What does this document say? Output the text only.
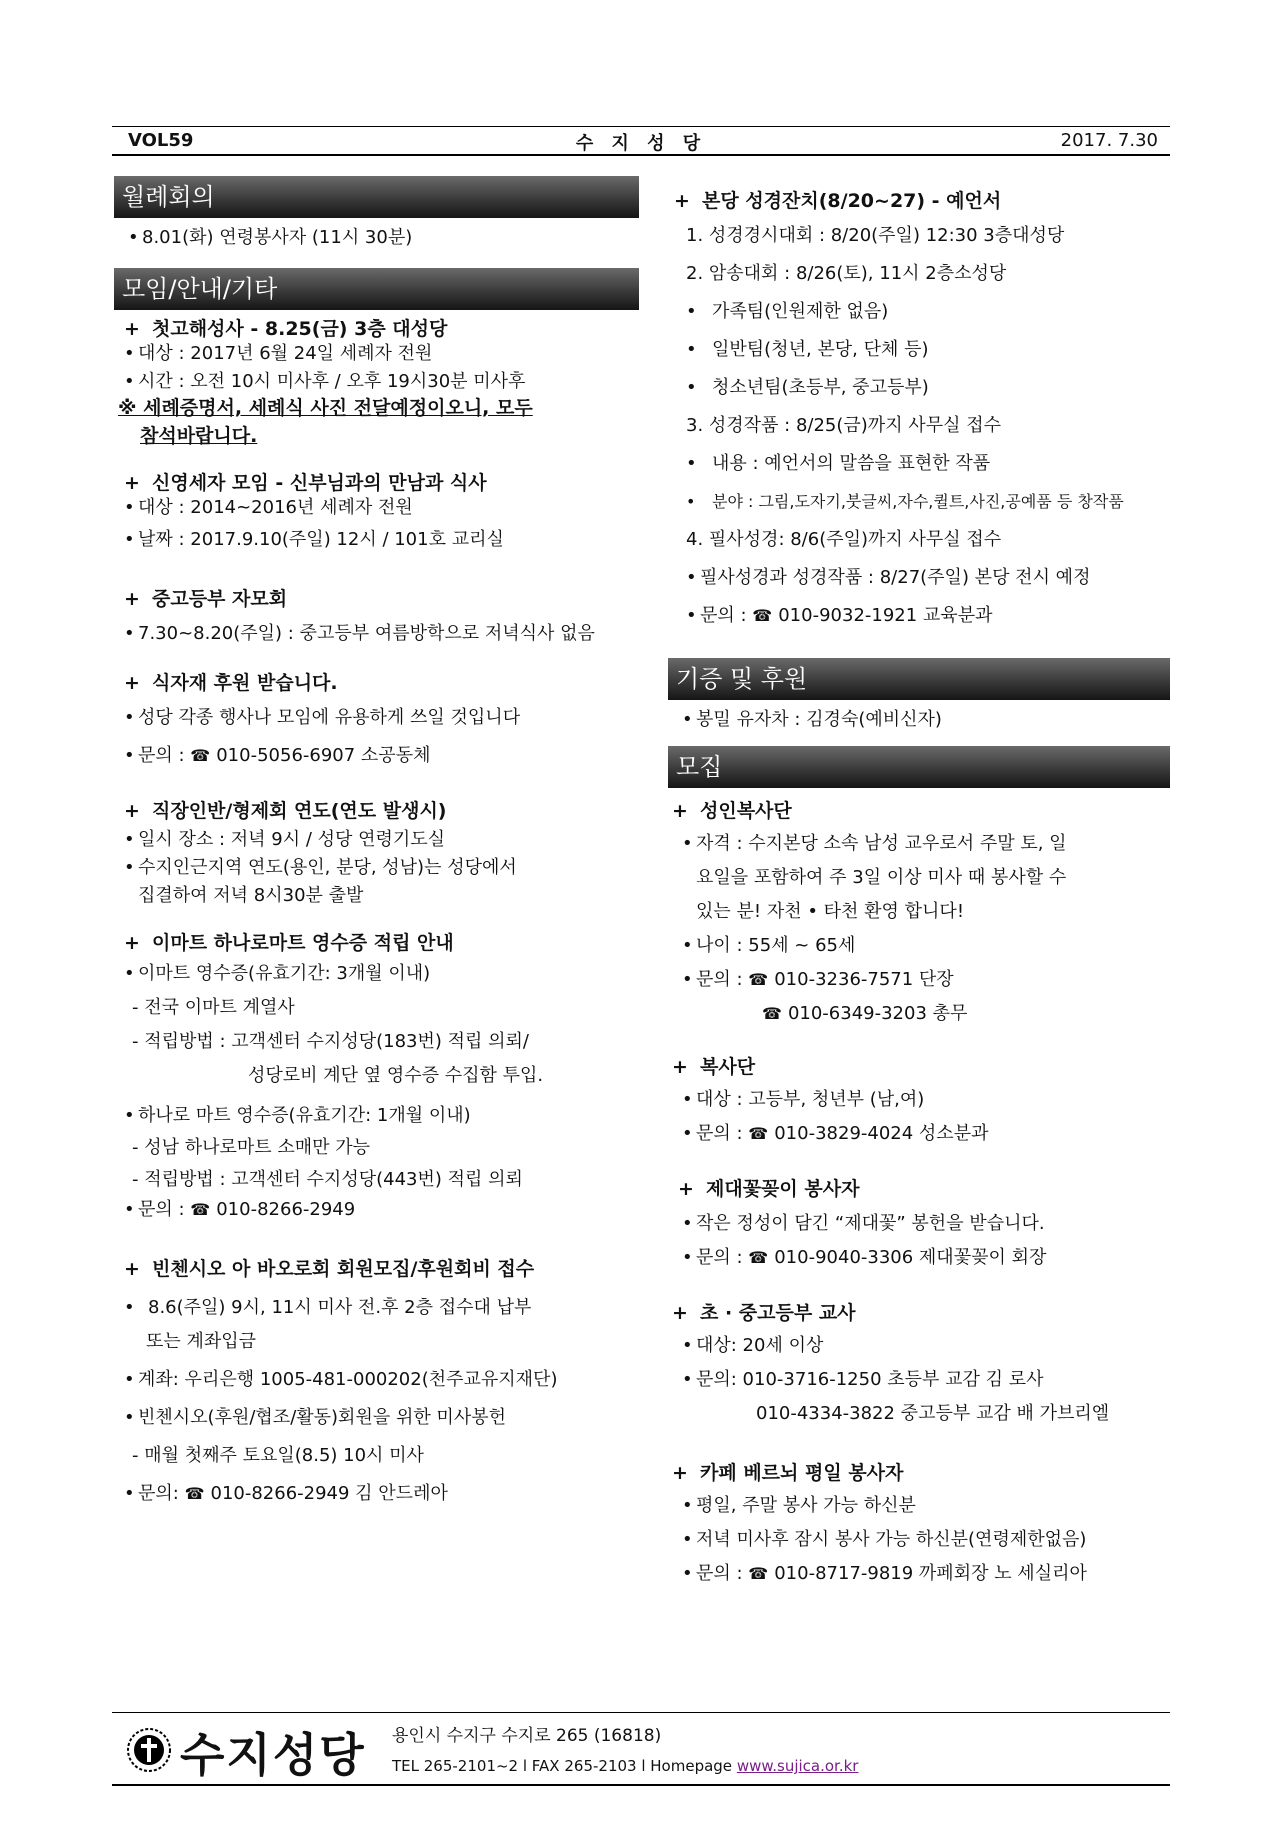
VOL59	수 지 성 당	2017. 7.30
월례회의
• 8.01(화) 연령봉사자 (11시 30분)
모임/안내/기타
+ 첫고해성사 - 8.25(금) 3층 대성당
• 대상 : 2017년 6월 24일 세례자 전원
• 시간 : 오전 10시 미사후 / 오후 19시30분 미사후
※ 세례증명서, 세례식 사진 전달예정이오니, 모두
참석바랍니다.
+ 신영세자 모임 - 신부님과의 만남과 식사
• 대상 : 2014~2016년 세례자 전원
• 날짜 : 2017.9.10(주일) 12시 / 101호 교리실
+ 중고등부 자모회
• 7.30~8.20(주일) : 중고등부 여름방학으로 저녁식사 없음
+ 식자재 후원 받습니다.
• 성당 각종 행사나 모임에 유용하게 쓰일 것입니다
• 문의 : ☎ 010-5056-6907 소공동체
+ 직장인반/형제회 연도(연도 발생시)
• 일시 장소 : 저녁 9시 / 성당 연령기도실
• 수지인근지역 연도(용인, 분당, 성남)는 성당에서
집결하여 저녁 8시30분 출발
+ 이마트 하나로마트 영수증 적립 안내
• 이마트 영수증(유효기간: 3개월 이내)
- 전국 이마트 계열사
- 적립방법 : 고객센터 수지성당(183번) 적립 의뢰/
성당로비 계단 옆 영수증 수집함 투입.
• 하나로 마트 영수증(유효기간: 1개월 이내)
- 성남 하나로마트 소매만 가능
- 적립방법 : 고객센터 수지성당(443번) 적립 의뢰
• 문의 : ☎ 010-8266-2949
+ 빈첸시오 아 바오로회 회원모집/후원회비 접수
• 8.6(주일) 9시, 11시 미사 전.후 2층 접수대 납부
또는 계좌입금
• 계좌: 우리은행 1005-481-000202(천주교유지재단)
• 빈첸시오(후원/협조/활동)회원을 위한 미사봉헌
- 매월 첫째주 토요일(8.5) 10시 미사
• 문의: ☎ 010-8266-2949 김 안드레아
+ 본당 성경잔치(8/20~27) - 예언서
1. 성경경시대회 : 8/20(주일) 12:30 3층대성당
2. 암송대회 : 8/26(토), 11시 2층소성당
• 가족팀(인원제한 없음)
• 일반팀(청년, 본당, 단체 등)
• 청소년팀(초등부, 중고등부)
3. 성경작품 : 8/25(금)까지 사무실 접수
• 내용 : 예언서의 말씀을 표현한 작품
• 분야 : 그림,도자기,붓글씨,자수,퀼트,사진,공예품 등 창작품
4. 필사성경: 8/6(주일)까지 사무실 접수
• 필사성경과 성경작품 : 8/27(주일) 본당 전시 예정
• 문의 : ☎ 010-9032-1921 교육분과
기증 및 후원
• 봉밀 유자차 : 김경숙(예비신자)
모집
+ 성인복사단
• 자격 : 수지본당 소속 남성 교우로서 주말 토, 일
요일을 포함하여 주 3일 이상 미사 때 봉사할 수
있는 분! 자천 • 타천 환영 합니다!
• 나이 : 55세 ~ 65세
• 문의 : ☎ 010-3236-7571 단장
☎ 010-6349-3203 총무
+ 복사단
• 대상 : 고등부, 청년부 (남,여)
• 문의 : ☎ 010-3829-4024 성소분과
+ 제대꽃꽂이 봉사자
• 작은 정성이 담긴 “제대꽃” 봉헌을 받습니다.
• 문의 : ☎ 010-9040-3306 제대꽃꽂이 회장
+ 초 · 중고등부 교사
• 대상: 20세 이상
• 문의: 010-3716-1250 초등부 교감 김 로사
010-4334-3822 중고등부 교감 배 가브리엘
+ 카페 베르뇌 평일 봉사자
• 평일, 주말 봉사 가능 하신분
• 저녁 미사후 잠시 봉사 가능 하신분(연령제한없음)
• 문의 : ☎ 010-8717-9819 까페회장 노 세실리아
수지성당 용인시 수지구 수지로 265 (16818)
TEL 265-2101~2 l FAX 265-2103 l Homepage www.sujica.or.kr
